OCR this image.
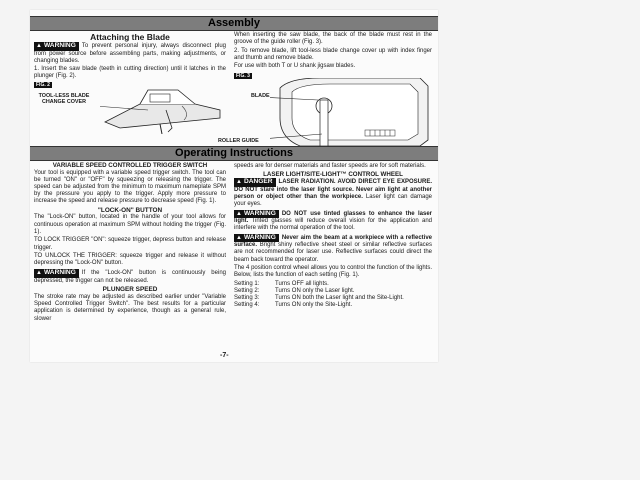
Assembly
Attaching the Blade
▲ WARNING To prevent personal injury, always disconnect plug from power source before assembling parts, making adjustments, or changing blades.
1. Insert the saw blade (teeth in cutting direction) until it latches in the plunger (Fig. 2).
FIG. 2
TOOL-LESS BLADE CHANGE COVER
When inserting the saw blade, the back of the blade must rest in the groove of the guide roller (Fig. 3).
2. To remove blade, lift tool-less blade change cover up with index finger and thumb and remove blade.
For use with both T or U shank jigsaw blades.
FIG. 3
BLADE
ROLLER GUIDE
Operating Instructions
VARIABLE SPEED CONTROLLED TRIGGER SWITCH
Your tool is equipped with a variable speed trigger switch. The tool can be turned "ON" or "OFF" by squeezing or releasing the trigger. The speed can be adjusted from the minimum to maximum nameplate SPM by the pressure you apply to the trigger. Apply more pressure to increase the speed and release pressure to decrease speed (Fig. 1).
"LOCK-ON" BUTTON
The "Lock-ON" button, located in the handle of your tool allows for continuous operation at maximum SPM without holding the trigger (Fig. 1).
TO LOCK TRIGGER "ON": squeeze trigger, depress button and release trigger.
TO UNLOCK THE TRIGGER: squeeze trigger and release it without depressing the "Lock-ON" button.
▲ WARNING If the "Lock-ON" button is continuously being depressed, the trigger can not be released.
PLUNGER SPEED
The stroke rate may be adjusted as described earlier under "Variable Speed Controlled Trigger Switch". The best results for a particular application is determined by experience, though as a general rule, slower
speeds are for denser materials and faster speeds are for soft materials.
LASER LIGHT/SITE-LIGHT™ CONTROL WHEEL
▲ DANGER LASER RADIATION. AVOID DIRECT EYE EXPOSURE. DO NOT stare into the laser light source. Never aim light at another person or object other than the workpiece. Laser light can damage your eyes.
▲ WARNING DO NOT use tinted glasses to enhance the laser light. Tinted glasses will reduce overall vision for the application and interfere with the normal operation of the tool.
▲ WARNING Never aim the beam at a workpiece with a reflective surface. Bright shiny reflective sheet steel or similar reflective surfaces are not recommended for laser use. Reflective surfaces could direct the beam back toward the operator.
The 4 position control wheel allows you to control the function of the lights. Below, lists the function of each setting (Fig. 1).
Setting 1:	Turns OFF all lights.
Setting 2:	Turns ON only the Laser light.
Setting 3:	Turns ON both the Laser light and the Site-Light.
Setting 4:	Turns ON only the Site-Light.
-7-
